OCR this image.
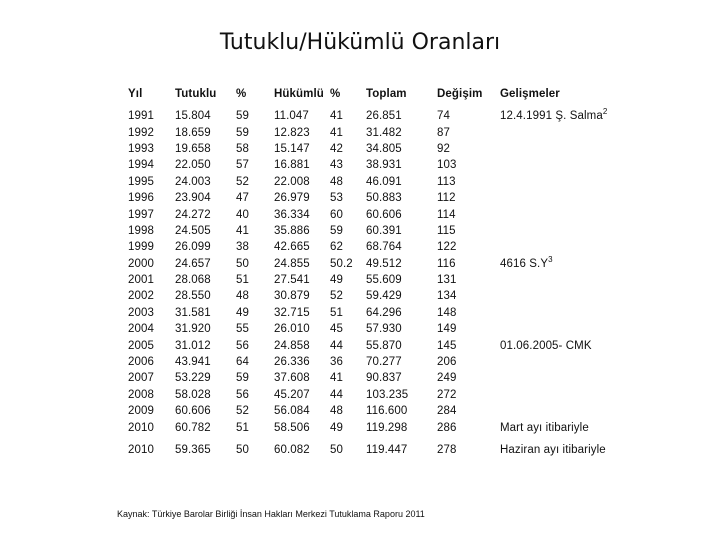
Tutuklu/Hükümlü Oranları
Yıl	Tutuklu	%	Hükümlü	%	Toplam	Değişim	Gelişmeler
1991	15.804	59	11.047	41	26.851	74	12.4.1991 Ş. Salma$^2$
1992	18.659	59	12.823	41	31.482	87	
1993	19.658	58	15.147	42	34.805	92	
1994	22.050	57	16.881	43	38.931	103	
1995	24.003	52	22.008	48	46.091	113	
1996	23.904	47	26.979	53	50.883	112	
1997	24.272	40	36.334	60	60.606	114	
1998	24.505	41	35.886	59	60.391	115	
1999	26.099	38	42.665	62	68.764	122	
2000	24.657	50	24.855	50.2	49.512	116	4616 $S.Y^3$
2001	28.068	51	27.541	49	55.609	131	
2002	28.550	48	30.879	52	59.429	134	
2003	31.581	49	32.715	51	64.296	148	
2004	31.920	55	26.010	45	57.930	149	
2005	31.012	56	24.858	44	55.870	145	01.06.2005- CMK
2006	43.941	64	26.336	36	70.277	206	
2007	53.229	59	37.608	41	90.837	249	
2008	58.028	56	45.207	44	103.235	272	
2009	60.606	52	56.084	48	116.600	284	
2010	60.782	51	58.506	49	119.298	286	Mart ayı itibariyle
2010	59.365	50	60.082	50	119.447	278	Haziran ayı itibariyle
Kaynak: Türkiye Barolar Birliği İnsan Hakları Merkezi Tutuklama Raporu 2011
